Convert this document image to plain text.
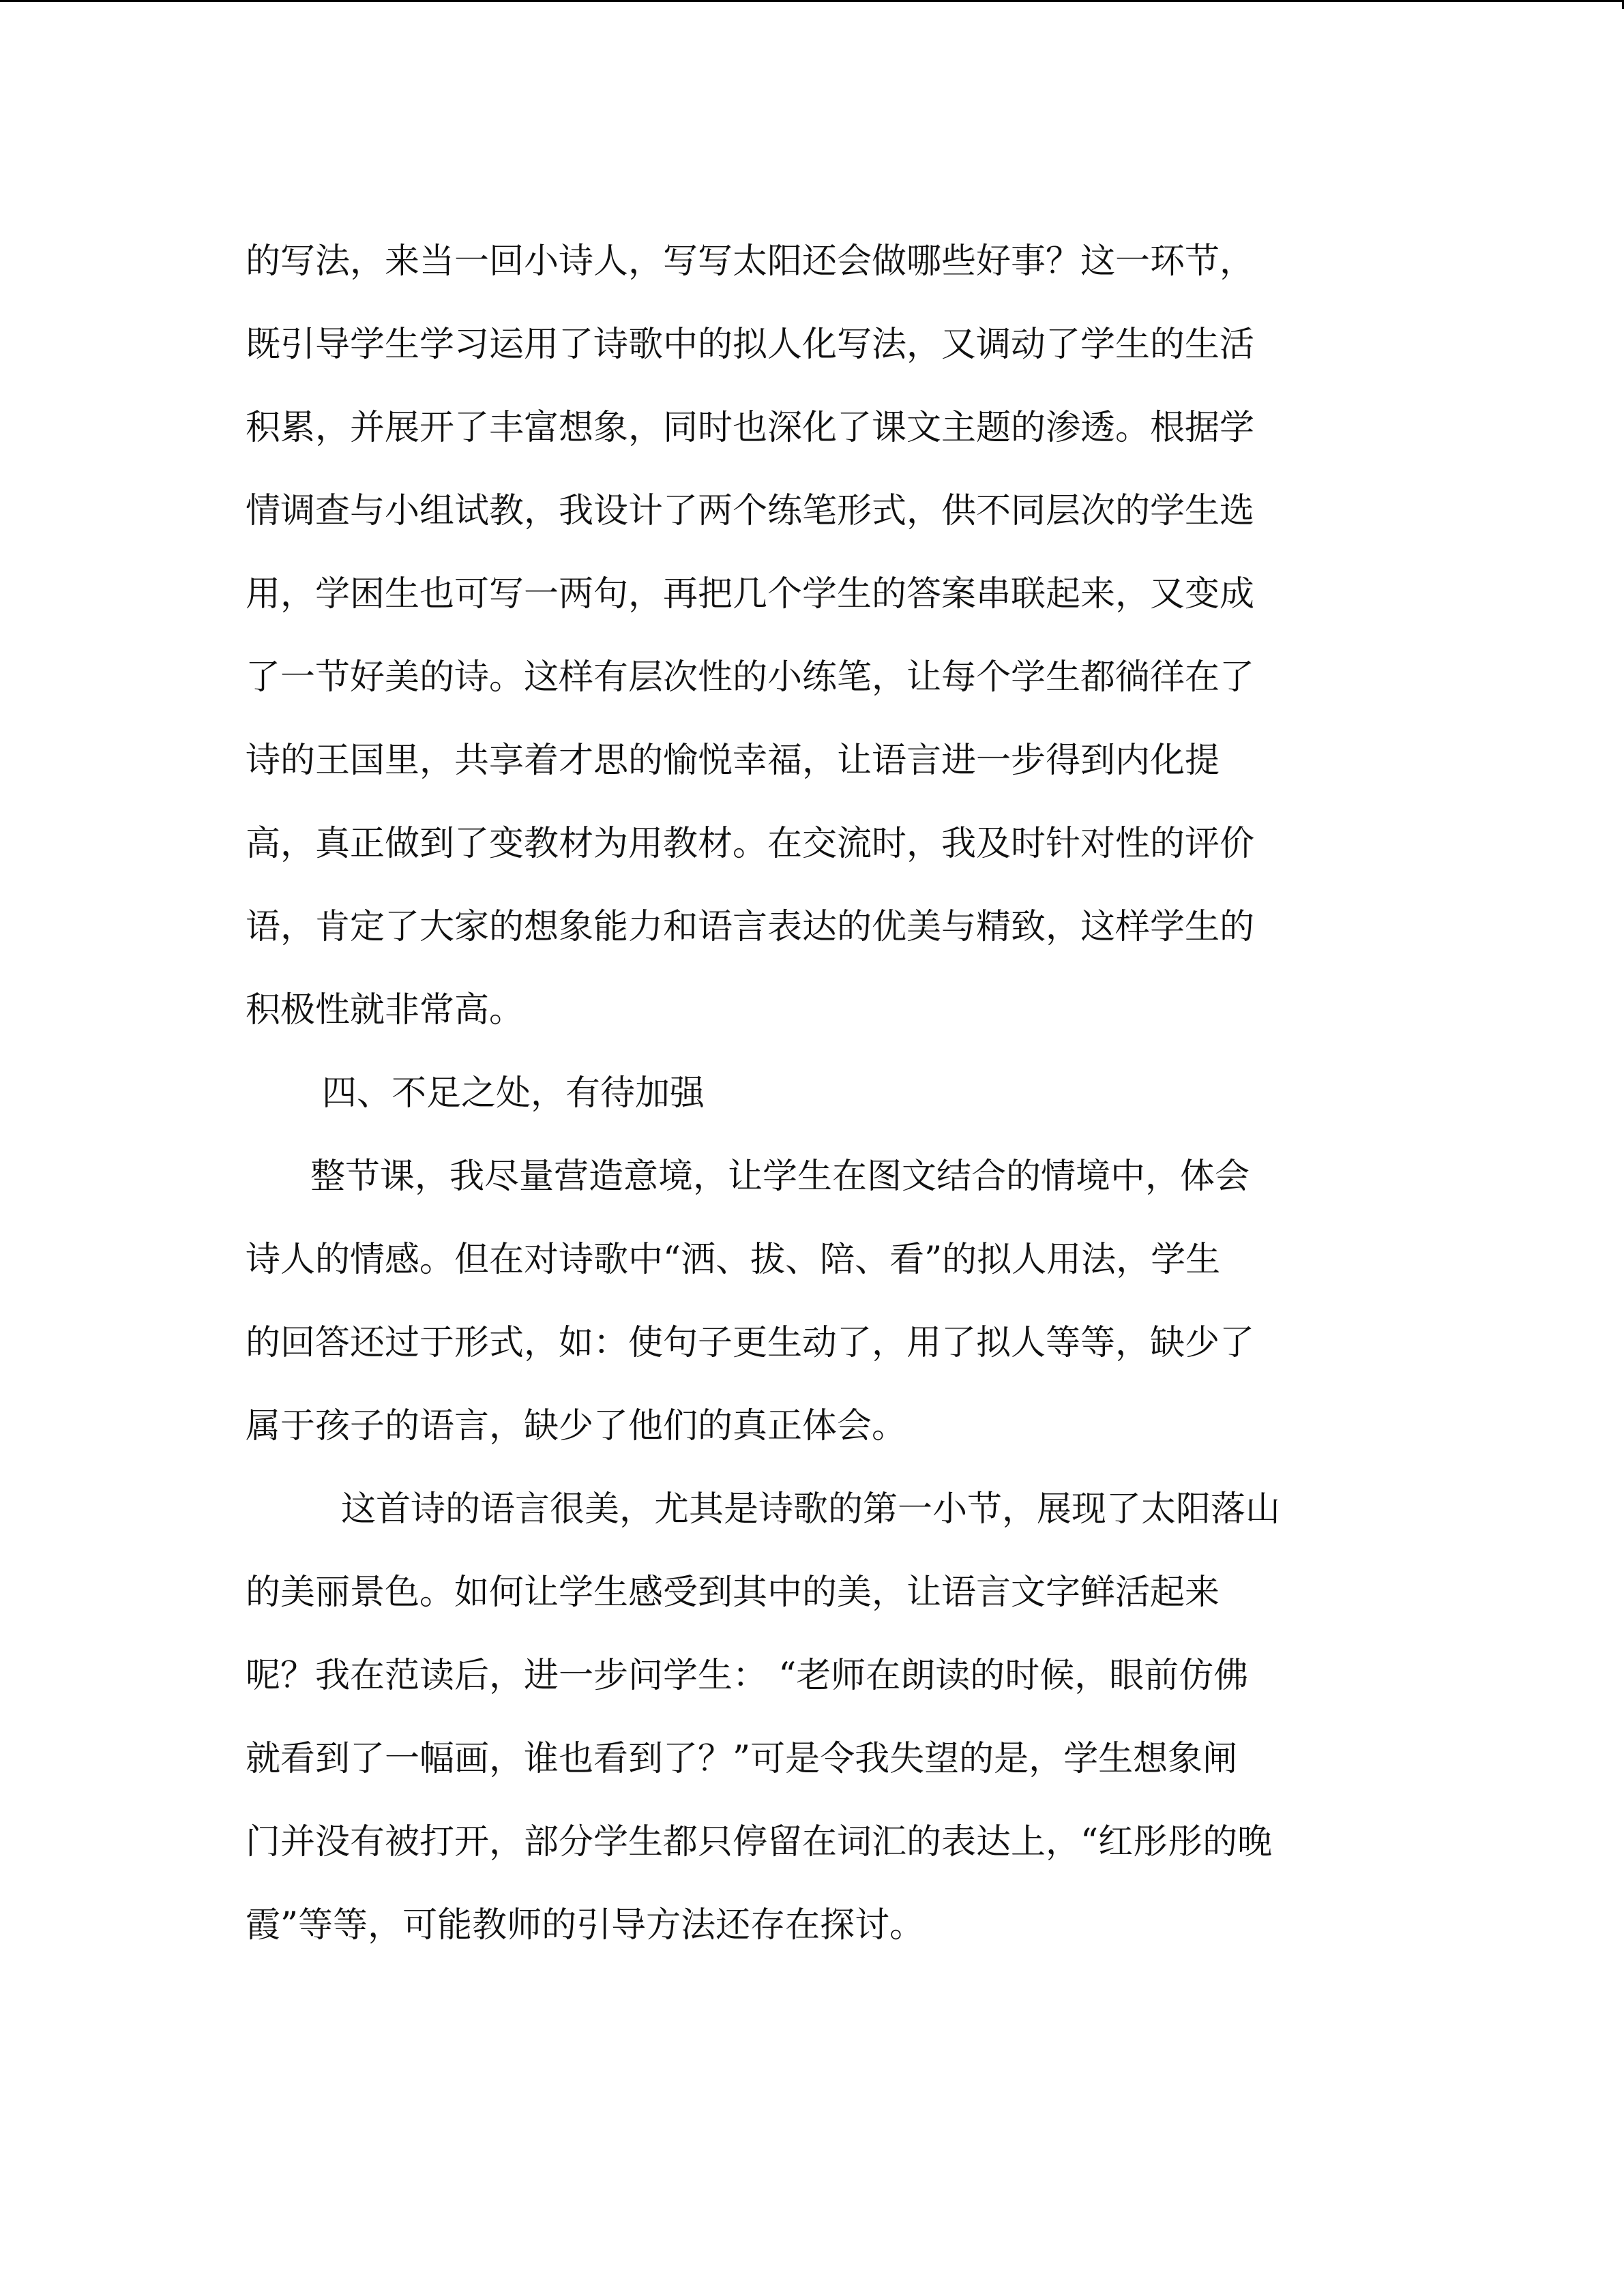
的写法，来当一回小诗人，写写太阳还会做哪些好事？这一环节，

既引导学生学习运用了诗歌中的拟人化写法，又调动了学生的生活

积累，并展开了丰富想象，同时也深化了课文主题的渗透。根据学

情调查与小组试教，我设计了两个练笔形式，供不同层次的学生选

用，学困生也可写一两句，再把几个学生的答案串联起来，又变成

了一节好美的诗。这样有层次性的小练笔，让每个学生都徜徉在了

诗的王国里，共享着才思的愉悦幸福，让语言进一步得到内化提

高，真正做到了变教材为用教材。在交流时，我及时针对性的评价

语，肯定了大家的想象能力和语言表达的优美与精致，这样学生的

积极性就非常高。

四、不足之处，有待加强

整节课，我尽量营造意境，让学生在图文结合的情境中，体会

诗人的情感。但在对诗歌中“洒、拔、陪、看”的拟人用法，学生

的回答还过于形式，如：使句子更生动了，用了拟人等等，缺少了

属于孩子的语言，缺少了他们的真正体会。

这首诗的语言很美，尤其是诗歌的第一小节，展现了太阳落山

的美丽景色。如何让学生感受到其中的美，让语言文字鲜活起来

呢？我在范读后，进一步问学生： “老师在朗读的时候，眼前仿佛

就看到了一幅画，谁也看到了？”可是令我失望的是，学生想象闸

门并没有被打开，部分学生都只停留在词汇的表达上，“红彤彤的晚

霞”等等，可能教师的引导方法还存在探讨。
